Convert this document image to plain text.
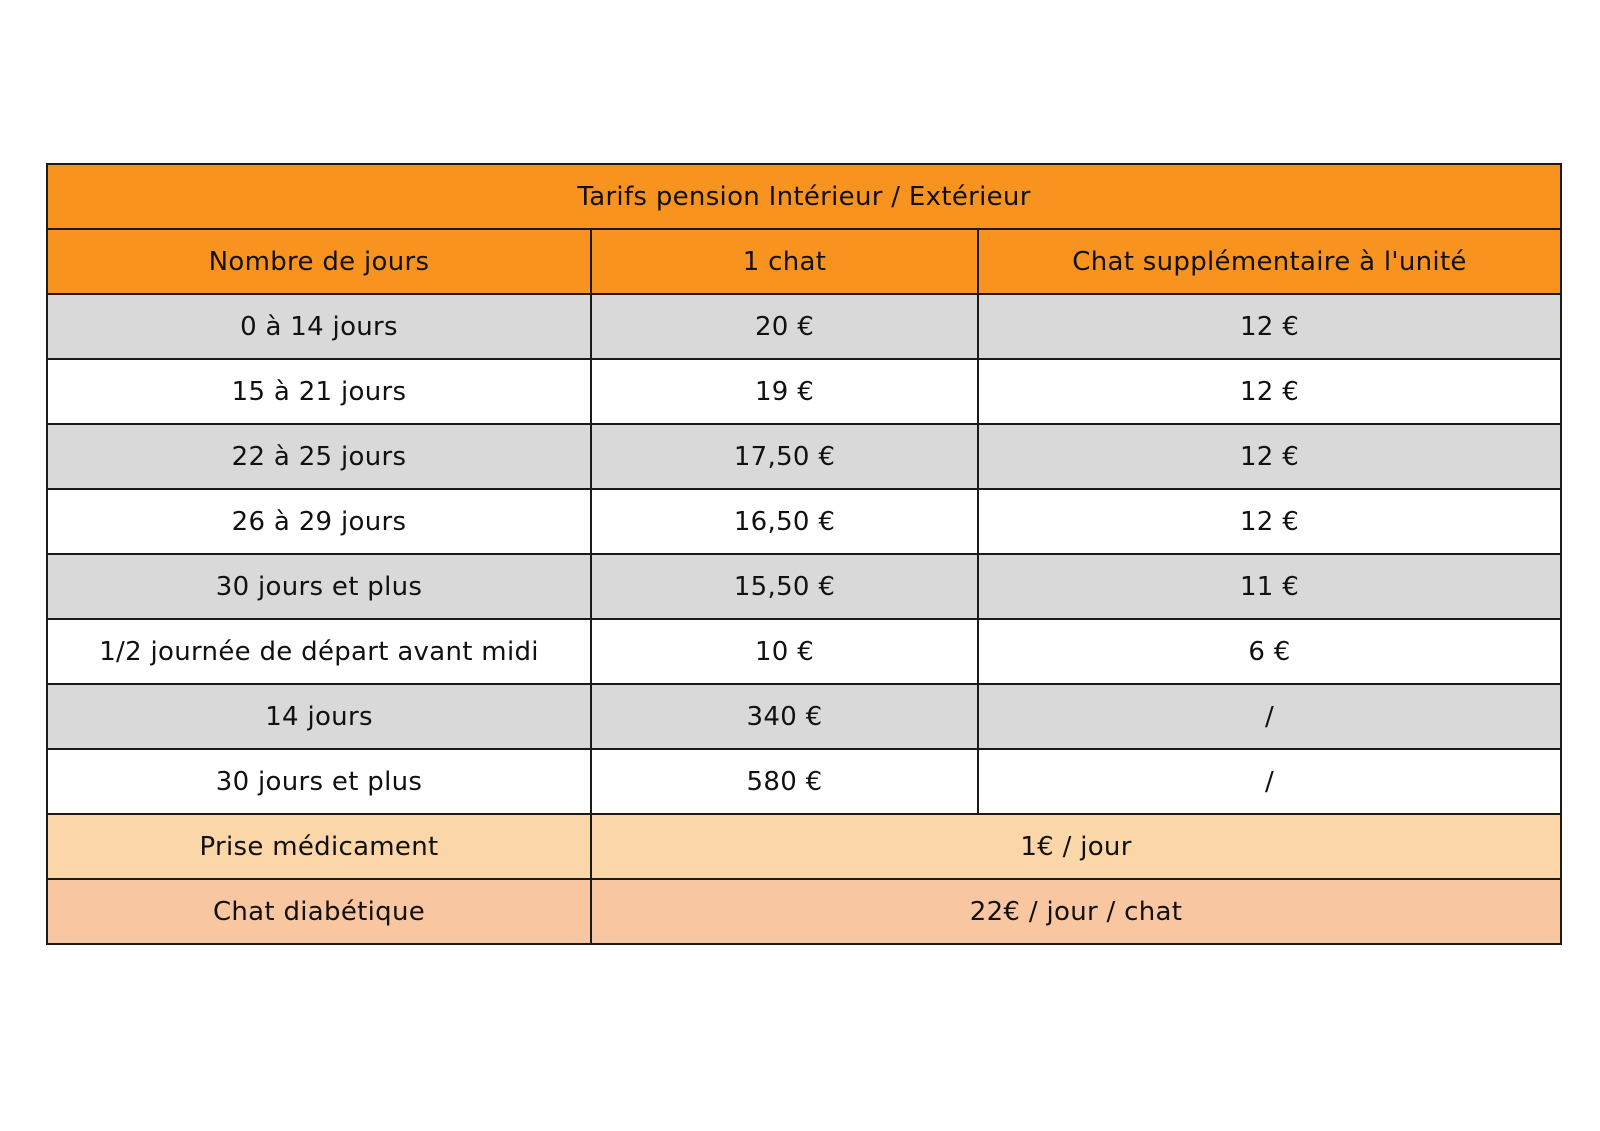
Tarifs pension Intérieur / Extérieur		
Nombre de jours	1 chat	Chat supplémentaire à l'unité
0 à 14 jours	20 €	12 €
15 à 21 jours	19 €	12 €
22 à 25 jours	17,50 €	12 €
26 à 29 jours	16,50 €	12 €
30 jours et plus	15,50 €	11 €
1/2 journée de départ avant midi	10 €	6 €
14 jours	340 €	/
30 jours et plus	580 €	/
Prise médicament	1€ / jour	
Chat diabétique	22€ / jour / chat	
